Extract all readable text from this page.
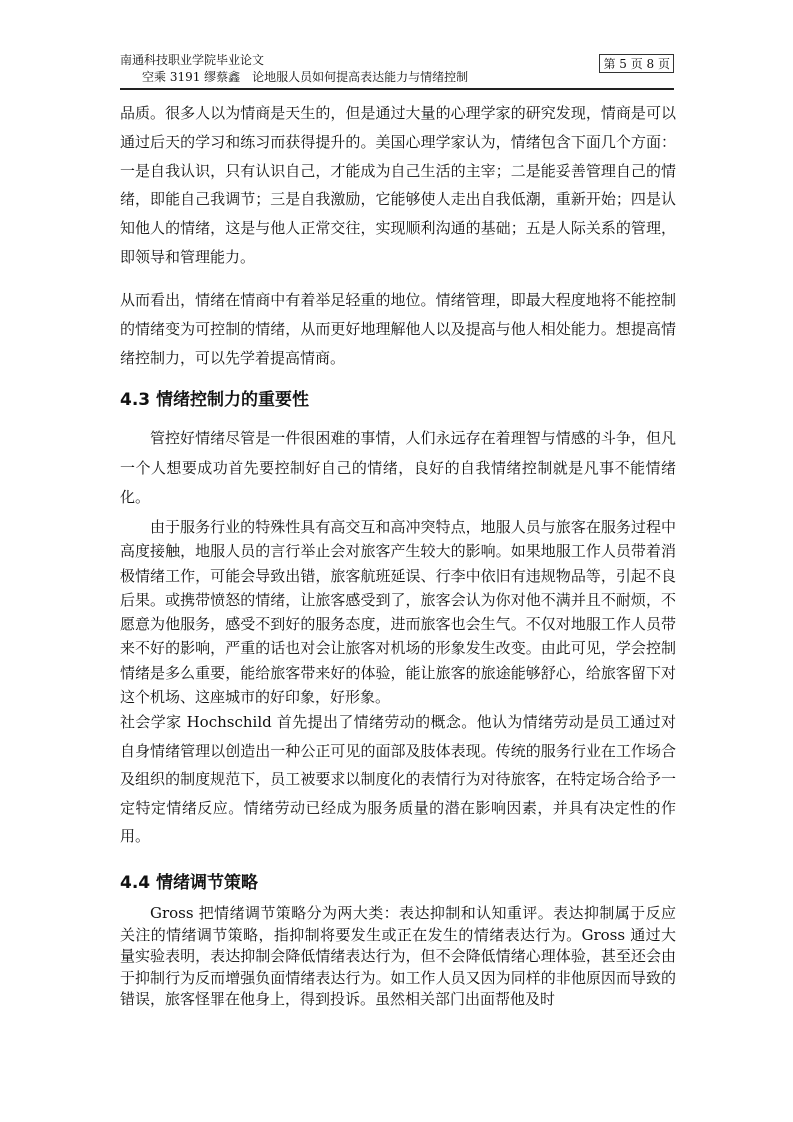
南通科技职业学院毕业论文
空乘 3191 缪蔡鑫　论地服人员如何提高表达能力与情绪控制
第 5 页 8 页

品质。很多人以为情商是天生的，但是通过大量的心理学家的研究发现，情商是可以通过后天的学习和练习而获得提升的。美国心理学家认为，情绪包含下面几个方面：一是自我认识，只有认识自己，才能成为自己生活的主宰；二是能妥善管理自己的情绪，即能自己我调节；三是自我激励，它能够使人走出自我低潮，重新开始；四是认知他人的情绪，这是与他人正常交往，实现顺利沟通的基础；五是人际关系的管理，即领导和管理能力。

从而看出，情绪在情商中有着举足轻重的地位。情绪管理，即最大程度地将不能控制的情绪变为可控制的情绪，从而更好地理解他人以及提高与他人相处能力。想提高情绪控制力，可以先学着提高情商。

4.3 情绪控制力的重要性

管控好情绪尽管是一件很困难的事情，人们永远存在着理智与情感的斗争，但凡一个人想要成功首先要控制好自己的情绪，良好的自我情绪控制就是凡事不能情绪化。

由于服务行业的特殊性具有高交互和高冲突特点，地服人员与旅客在服务过程中高度接触，地服人员的言行举止会对旅客产生较大的影响。如果地服工作人员带着消极情绪工作，可能会导致出错，旅客航班延误、行李中依旧有违规物品等，引起不良后果。或携带愤怒的情绪，让旅客感受到了，旅客会认为你对他不满并且不耐烦，不愿意为他服务，感受不到好的服务态度，进而旅客也会生气。不仅对地服工作人员带来不好的影响，严重的话也对会让旅客对机场的形象发生改变。由此可见，学会控制情绪是多么重要，能给旅客带来好的体验，能让旅客的旅途能够舒心，给旅客留下对这个机场、这座城市的好印象，好形象。

社会学家 Hochschild 首先提出了情绪劳动的概念。他认为情绪劳动是员工通过对自身情绪管理以创造出一种公正可见的面部及肢体表现。传统的服务行业在工作场合及组织的制度规范下，员工被要求以制度化的表情行为对待旅客，在特定场合给予一定特定情绪反应。情绪劳动已经成为服务质量的潜在影响因素，并具有决定性的作用。

4.4 情绪调节策略

Gross 把情绪调节策略分为两大类：表达抑制和认知重评。表达抑制属于反应关注的情绪调节策略，指抑制将要发生或正在发生的情绪表达行为。Gross 通过大量实验表明，表达抑制会降低情绪表达行为，但不会降低情绪心理体验，甚至还会由于抑制行为反而增强负面情绪表达行为。如工作人员又因为同样的非他原因而导致的错误，旅客怪罪在他身上，得到投诉。虽然相关部门出面帮他及时
